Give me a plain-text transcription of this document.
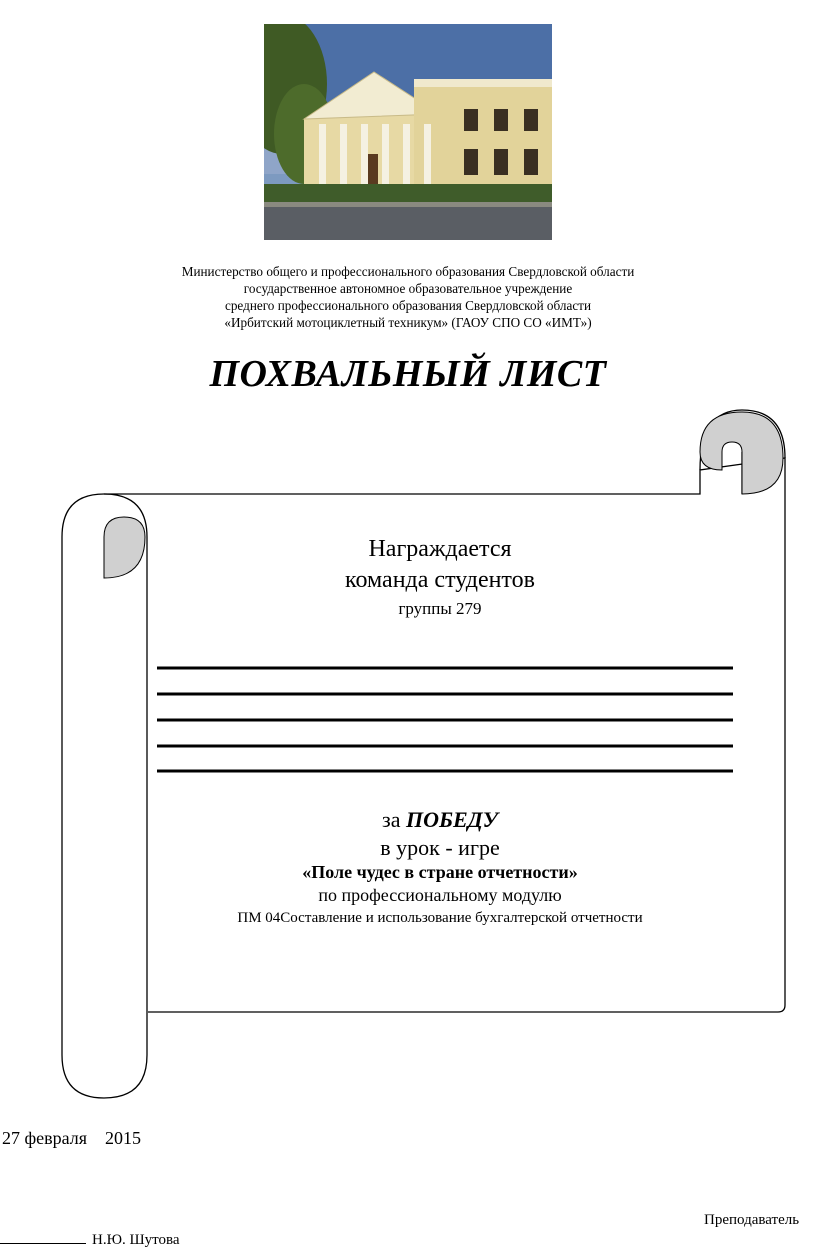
Министерство общего и профессионального образования Свердловской области
государственное автономное образовательное учреждение
среднего профессионального образования Свердловской области
«Ирбитский мотоциклетный техникум» (ГАОУ СПО СО «ИМТ»)
ПОХВАЛЬНЫЙ ЛИСТ
Награждается
команда студентов
группы 279
за ПОБЕДУ
в урок - игре
«Поле чудес в стране отчетности»
по профессиональному модулю
ПМ 04Составление и использование бухгалтерской отчетности
27 февраля    2015
Преподаватель
Н.Ю. Шутова
